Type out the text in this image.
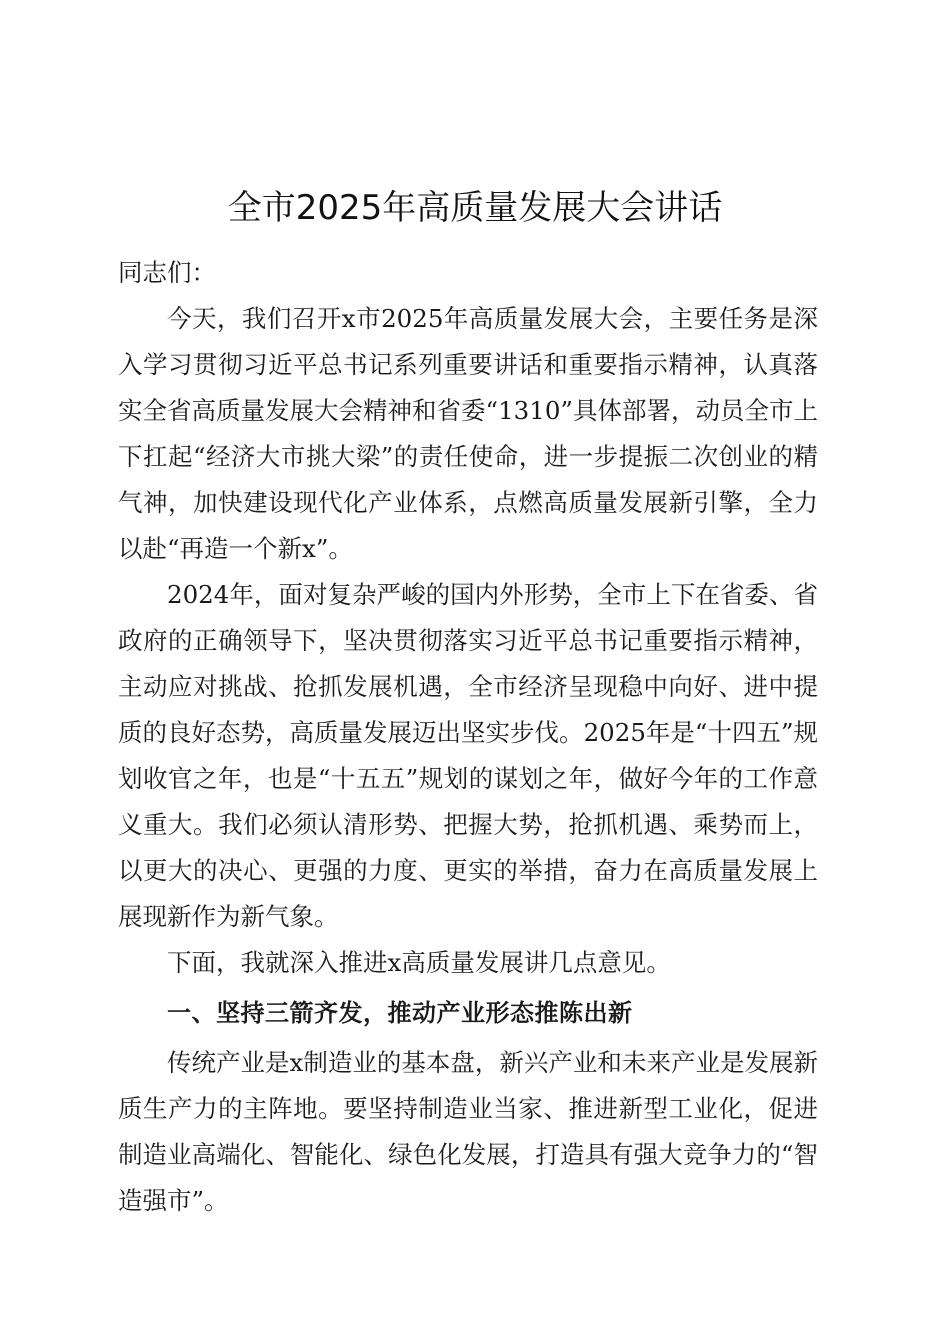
全市2025年高质量发展大会讲话

同志们：

今天，我们召开x市2025年高质量发展大会，主要任务是深入学习贯彻习近平总书记系列重要讲话和重要指示精神，认真落实全省高质量发展大会精神和省委“1310”具体部署，动员全市上下扛起“经济大市挑大梁”的责任使命，进一步提振二次创业的精气神，加快建设现代化产业体系，点燃高质量发展新引擎，全力以赴“再造一个新x”。

2024年，面对复杂严峻的国内外形势，全市上下在省委、省政府的正确领导下，坚决贯彻落实习近平总书记重要指示精神，主动应对挑战、抢抓发展机遇，全市经济呈现稳中向好、进中提质的良好态势，高质量发展迈出坚实步伐。2025年是“十四五”规划收官之年，也是“十五五”规划的谋划之年，做好今年的工作意义重大。我们必须认清形势、把握大势，抢抓机遇、乘势而上，以更大的决心、更强的力度、更实的举措，奋力在高质量发展上展现新作为新气象。

下面，我就深入推进x高质量发展讲几点意见。

一、坚持三箭齐发，推动产业形态推陈出新

传统产业是x制造业的基本盘，新兴产业和未来产业是发展新质生产力的主阵地。要坚持制造业当家、推进新型工业化，促进制造业高端化、智能化、绿色化发展，打造具有强大竞争力的“智造强市”。
